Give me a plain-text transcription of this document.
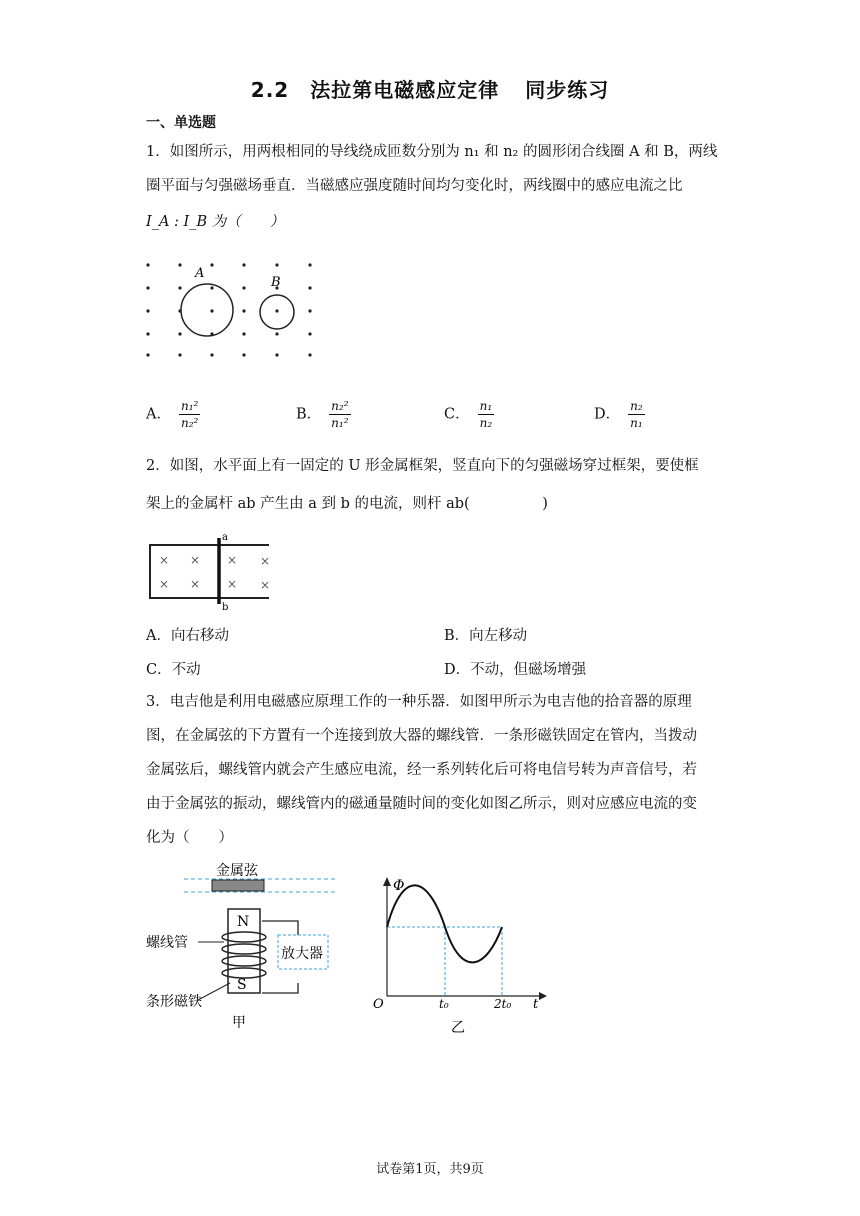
2.2　法拉第电磁感应定律 同步练习
一、单选题
1．如图所示，用两根相同的导线绕成匝数分别为 n₁ 和 n₂ 的圆形闭合线圈 A 和 B，两线
圈平面与匀强磁场垂直．当磁感应强度随时间均匀变化时，两线圈中的感应电流之比
I_A : I_B 为（　　）
A
B
A． $\frac{\text{n₁²}}{\text{n₂²}}$	B． $\frac{\text{n₂²}}{\text{n₁²}}$	C． $\frac{\text{n₁}}{\text{n₂}}$	D． $\frac{\text{n₂}}{\text{n₁}}$
2．如图，水平面上有一固定的 U 形金属框架，竖直向下的匀强磁场穿过框架，要使框
架上的金属杆 ab 产生由 a 到 b 的电流，则杆 ab(　　　　　)
a
b
× × × ×
× × × ×
A．向右移动	B．向左移动
C．不动	D．不动，但磁场增强
3．电吉他是利用电磁感应原理工作的一种乐器．如图甲所示为电吉他的拾音器的原理
图，在金属弦的下方置有一个连接到放大器的螺线管．一条形磁铁固定在管内，当拨动
金属弦后，螺线管内就会产生感应电流，经一系列转化后可将电信号转为声音信号，若
由于金属弦的振动，螺线管内的磁通量随时间的变化如图乙所示，则对应感应电流的变
化为（　　）
金属弦
N
S
放大器
螺线管
条形磁铁
甲
Φ
O	t₀	2t₀ t
乙
试卷第1页，共9页
